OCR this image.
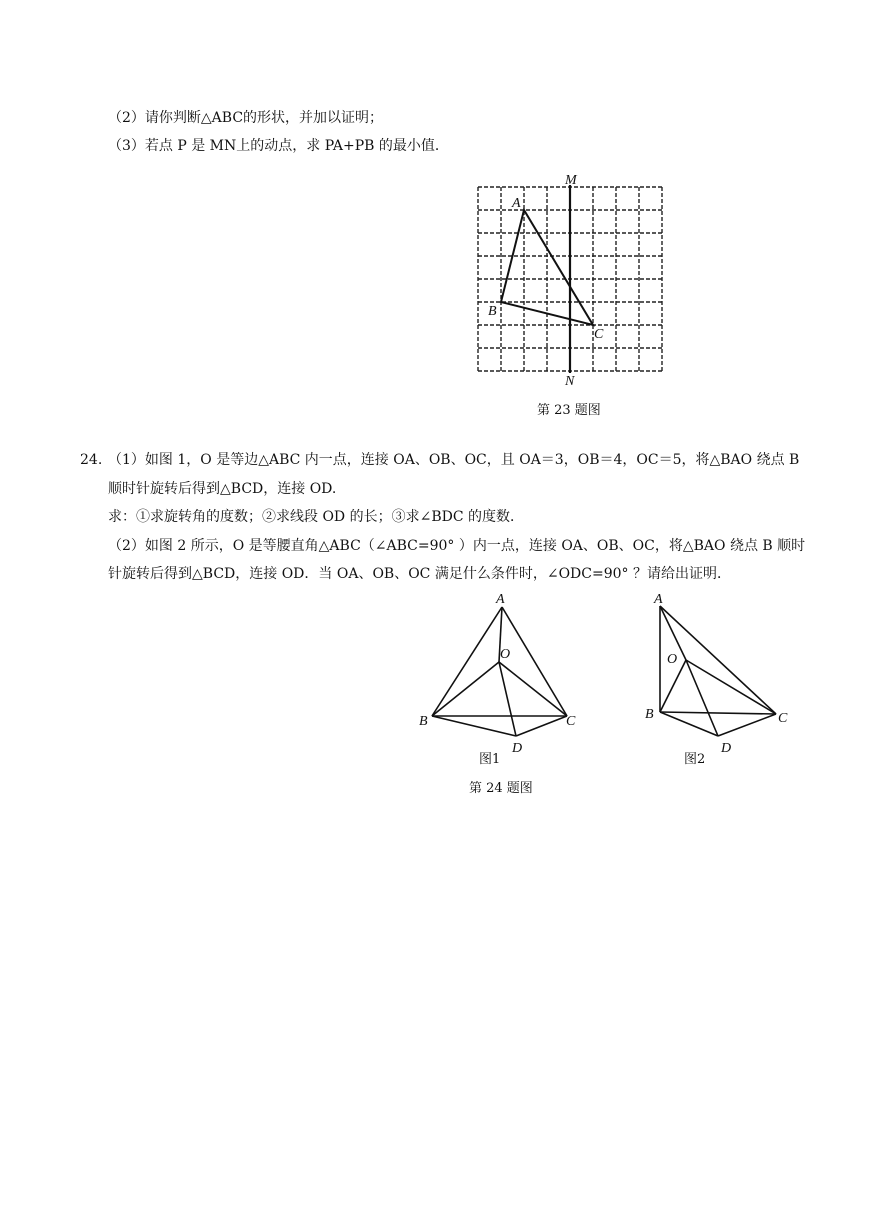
（2）请你判断△ABC的形状，并加以证明；
（3）若点 P 是 MN上的动点，求 PA+PB 的最小值．
M
N
A
B
C
第 23 题图
24. （1）如图 1，O 是等边△ABC 内一点，连接 OA、OB、OC，且 OA＝3，OB＝4，OC＝5，将△BAO 绕点 B
顺时针旋转后得到△BCD，连接 OD.
求：①求旋转角的度数；②求线段 OD 的长；③求∠BDC 的度数．
（2）如图 2 所示，O 是等腰直角△ABC（∠ABC=90° ）内一点，连接 OA、OB、OC，将△BAO 绕点 B 顺时
针旋转后得到△BCD，连接 OD．当 OA、OB、OC 满足什么条件时，∠ODC=90° ？请给出证明．
A
O
B	C
D
图1
A
O
B	C
D
图2
第 24 题图
